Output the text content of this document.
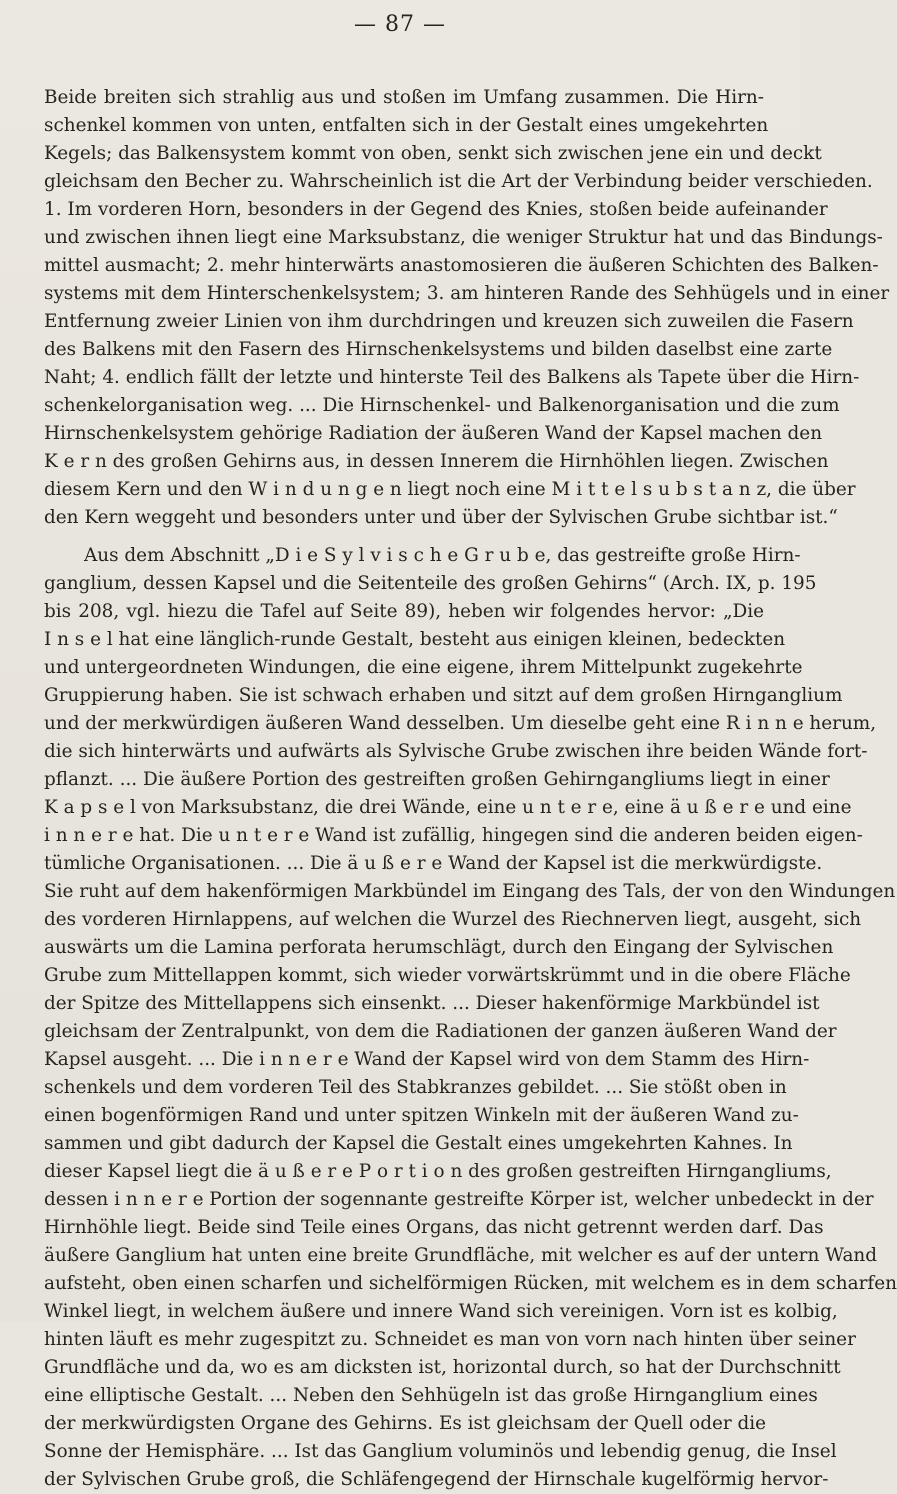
— 87 —
Beide breiten sich strahlig aus und stoßen im Umfang zusammen. Die Hirn-
schenkel kommen von unten, entfalten sich in der Gestalt eines umgekehrten
Kegels; das Balkensystem kommt von oben, senkt sich zwischen jene ein und deckt
gleichsam den Becher zu. Wahrscheinlich ist die Art der Verbindung beider verschieden.
1. Im vorderen Horn, besonders in der Gegend des Knies, stoßen beide aufeinander
und zwischen ihnen liegt eine Marksubstanz, die weniger Struktur hat und das Bindungs-
mittel ausmacht; 2. mehr hinterwärts anastomosieren die äußeren Schichten des Balken-
systems mit dem Hinterschenkelsystem; 3. am hinteren Rande des Sehhügels und in einer
Entfernung zweier Linien von ihm durchdringen und kreuzen sich zuweilen die Fasern
des Balkens mit den Fasern des Hirnschenkelsystems und bilden daselbst eine zarte
Naht; 4. endlich fällt der letzte und hinterste Teil des Balkens als Tapete über die Hirn-
schenkelorganisation weg. ... Die Hirnschenkel- und Balkenorganisation und die zum
Hirnschenkelsystem gehörige Radiation der äußeren Wand der Kapsel machen den
K e r n des großen Gehirns aus, in dessen Innerem die Hirnhöhlen liegen. Zwischen
diesem Kern und den W i n d u n g e n liegt noch eine M i t t e l s u b s t a n z, die über
den Kern weggeht und besonders unter und über der Sylvischen Grube sichtbar ist.“
Aus dem Abschnitt „D i e S y l v i s c h e G r u b e, das gestreifte große Hirn-
ganglium, dessen Kapsel und die Seitenteile des großen Gehirns“ (Arch. IX, p. 195
bis 208, vgl. hiezu die Tafel auf Seite 89), heben wir folgendes hervor: „Die
I n s e l hat eine länglich-runde Gestalt, besteht aus einigen kleinen, bedeckten
und untergeordneten Windungen, die eine eigene, ihrem Mittelpunkt zugekehrte
Gruppierung haben. Sie ist schwach erhaben und sitzt auf dem großen Hirnganglium
und der merkwürdigen äußeren Wand desselben. Um dieselbe geht eine R i n n e herum,
die sich hinterwärts und aufwärts als Sylvische Grube zwischen ihre beiden Wände fort-
pflanzt. ... Die äußere Portion des gestreiften großen Gehirngangliums liegt in einer
K a p s e l von Marksubstanz, die drei Wände, eine u n t e r e, eine ä u ß e r e und eine
i n n e r e hat. Die u n t e r e Wand ist zufällig, hingegen sind die anderen beiden eigen-
tümliche Organisationen. ... Die ä u ß e r e Wand der Kapsel ist die merkwürdigste.
Sie ruht auf dem hakenförmigen Markbündel im Eingang des Tals, der von den Windungen
des vorderen Hirnlappens, auf welchen die Wurzel des Riechnerven liegt, ausgeht, sich
auswärts um die Lamina perforata herumschlägt, durch den Eingang der Sylvischen
Grube zum Mittellappen kommt, sich wieder vorwärtskrümmt und in die obere Fläche
der Spitze des Mittellappens sich einsenkt. ... Dieser hakenförmige Markbündel ist
gleichsam der Zentralpunkt, von dem die Radiationen der ganzen äußeren Wand der
Kapsel ausgeht. ... Die i n n e r e Wand der Kapsel wird von dem Stamm des Hirn-
schenkels und dem vorderen Teil des Stabkranzes gebildet. ... Sie stößt oben in
einen bogenförmigen Rand und unter spitzen Winkeln mit der äußeren Wand zu-
sammen und gibt dadurch der Kapsel die Gestalt eines umgekehrten Kahnes. In
dieser Kapsel liegt die ä u ß e r e P o r t i o n des großen gestreiften Hirngangliums,
dessen i n n e r e Portion der sogennante gestreifte Körper ist, welcher unbedeckt in der
Hirnhöhle liegt. Beide sind Teile eines Organs, das nicht getrennt werden darf. Das
äußere Ganglium hat unten eine breite Grundfläche, mit welcher es auf der untern Wand
aufsteht, oben einen scharfen und sichelförmigen Rücken, mit welchem es in dem scharfen
Winkel liegt, in welchem äußere und innere Wand sich vereinigen. Vorn ist es kolbig,
hinten läuft es mehr zugespitzt zu. Schneidet es man von vorn nach hinten über seiner
Grundfläche und da, wo es am dicksten ist, horizontal durch, so hat der Durchschnitt
eine elliptische Gestalt. ... Neben den Sehhügeln ist das große Hirnganglium eines
der merkwürdigsten Organe des Gehirns. Es ist gleichsam der Quell oder die
Sonne der Hemisphäre. ... Ist das Ganglium voluminös und lebendig genug, die Insel
der Sylvischen Grube groß, die Schläfengegend der Hirnschale kugelförmig hervor-
